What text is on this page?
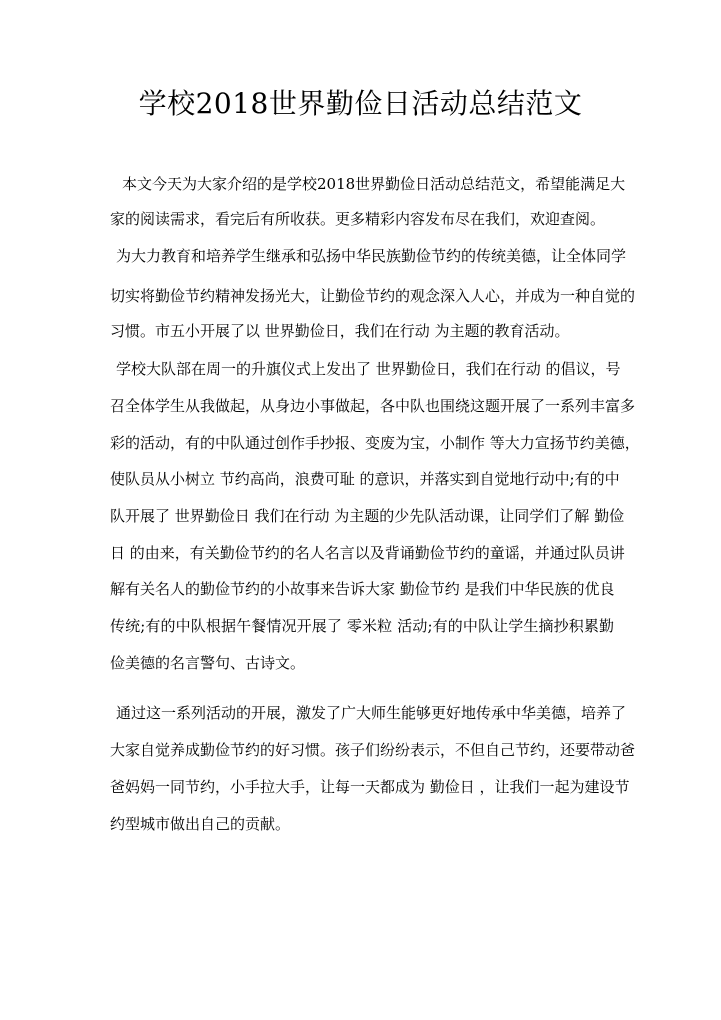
学校2018世界勤俭日活动总结范文
本文今天为大家介绍的是学校2018世界勤俭日活动总结范文，希望能满足大
家的阅读需求，看完后有所收获。更多精彩内容发布尽在我们，欢迎查阅。
为大力教育和培养学生继承和弘扬中华民族勤俭节约的传统美德，让全体同学
切实将勤俭节约精神发扬光大，让勤俭节约的观念深入人心，并成为一种自觉的
习惯。市五小开展了以 世界勤俭日，我们在行动 为主题的教育活动。
学校大队部在周一的升旗仪式上发出了 世界勤俭日，我们在行动 的倡议，号
召全体学生从我做起，从身边小事做起，各中队也围绕这题开展了一系列丰富多
彩的活动，有的中队通过创作手抄报、变废为宝，小制作 等大力宣扬节约美德，
使队员从小树立 节约高尚，浪费可耻 的意识，并落实到自觉地行动中;有的中
队开展了 世界勤俭日 我们在行动 为主题的少先队活动课，让同学们了解 勤俭
日 的由来，有关勤俭节约的名人名言以及背诵勤俭节约的童谣，并通过队员讲
解有关名人的勤俭节约的小故事来告诉大家 勤俭节约 是我们中华民族的优良
传统;有的中队根据午餐情况开展了 零米粒 活动;有的中队让学生摘抄积累勤
俭美德的名言警句、古诗文。
通过这一系列活动的开展，激发了广大师生能够更好地传承中华美德，培养了
大家自觉养成勤俭节约的好习惯。孩子们纷纷表示，不但自己节约，还要带动爸
爸妈妈一同节约，小手拉大手，让每一天都成为 勤俭日 ，让我们一起为建设节
约型城市做出自己的贡献。
